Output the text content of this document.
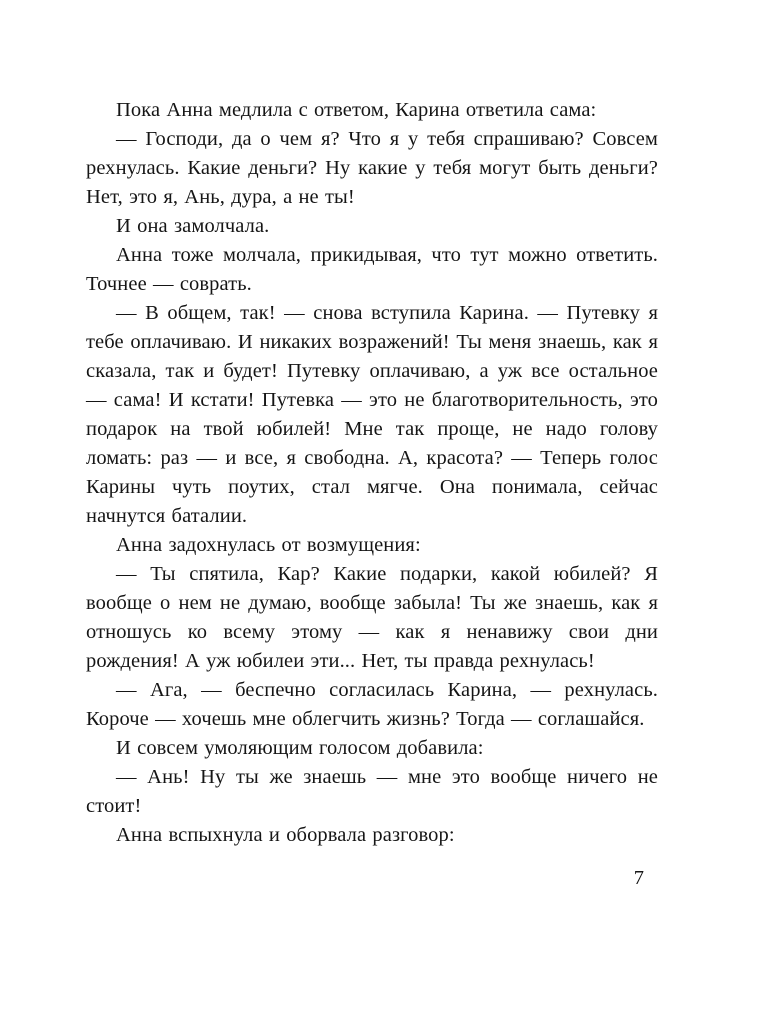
Пока Анна медлила с ответом, Карина ответила сама:

— Господи, да о чем я? Что я у тебя спрашиваю? Совсем рехнулась. Какие деньги? Ну какие у тебя могут быть деньги? Нет, это я, Ань, дура, а не ты!

И она замолчала.

Анна тоже молчала, прикидывая, что тут можно ответить. Точнее — соврать.

— В общем, так! — снова вступила Карина. — Путевку я тебе оплачиваю. И никаких возражений! Ты меня знаешь, как я сказала, так и будет! Путевку оплачиваю, а уж все остальное — сама! И кстати! Путевка — это не благотворительность, это подарок на твой юбилей! Мне так проще, не надо голову ломать: раз — и все, я свободна. А, красота? — Теперь голос Карины чуть поутих, стал мягче. Она понимала, сейчас начнутся баталии.

Анна задохнулась от возмущения:

— Ты спятила, Кар? Какие подарки, какой юбилей? Я вообще о нем не думаю, вообще забыла! Ты же знаешь, как я отношусь ко всему этому — как я ненавижу свои дни рождения! А уж юбилеи эти... Нет, ты правда рехнулась!

— Ага, — беспечно согласилась Карина, — рехнулась. Короче — хочешь мне облегчить жизнь? Тогда — соглашайся.

И совсем умоляющим голосом добавила:

— Ань! Ну ты же знаешь — мне это вообще ничего не стоит!

Анна вспыхнула и оборвала разговор:

7
